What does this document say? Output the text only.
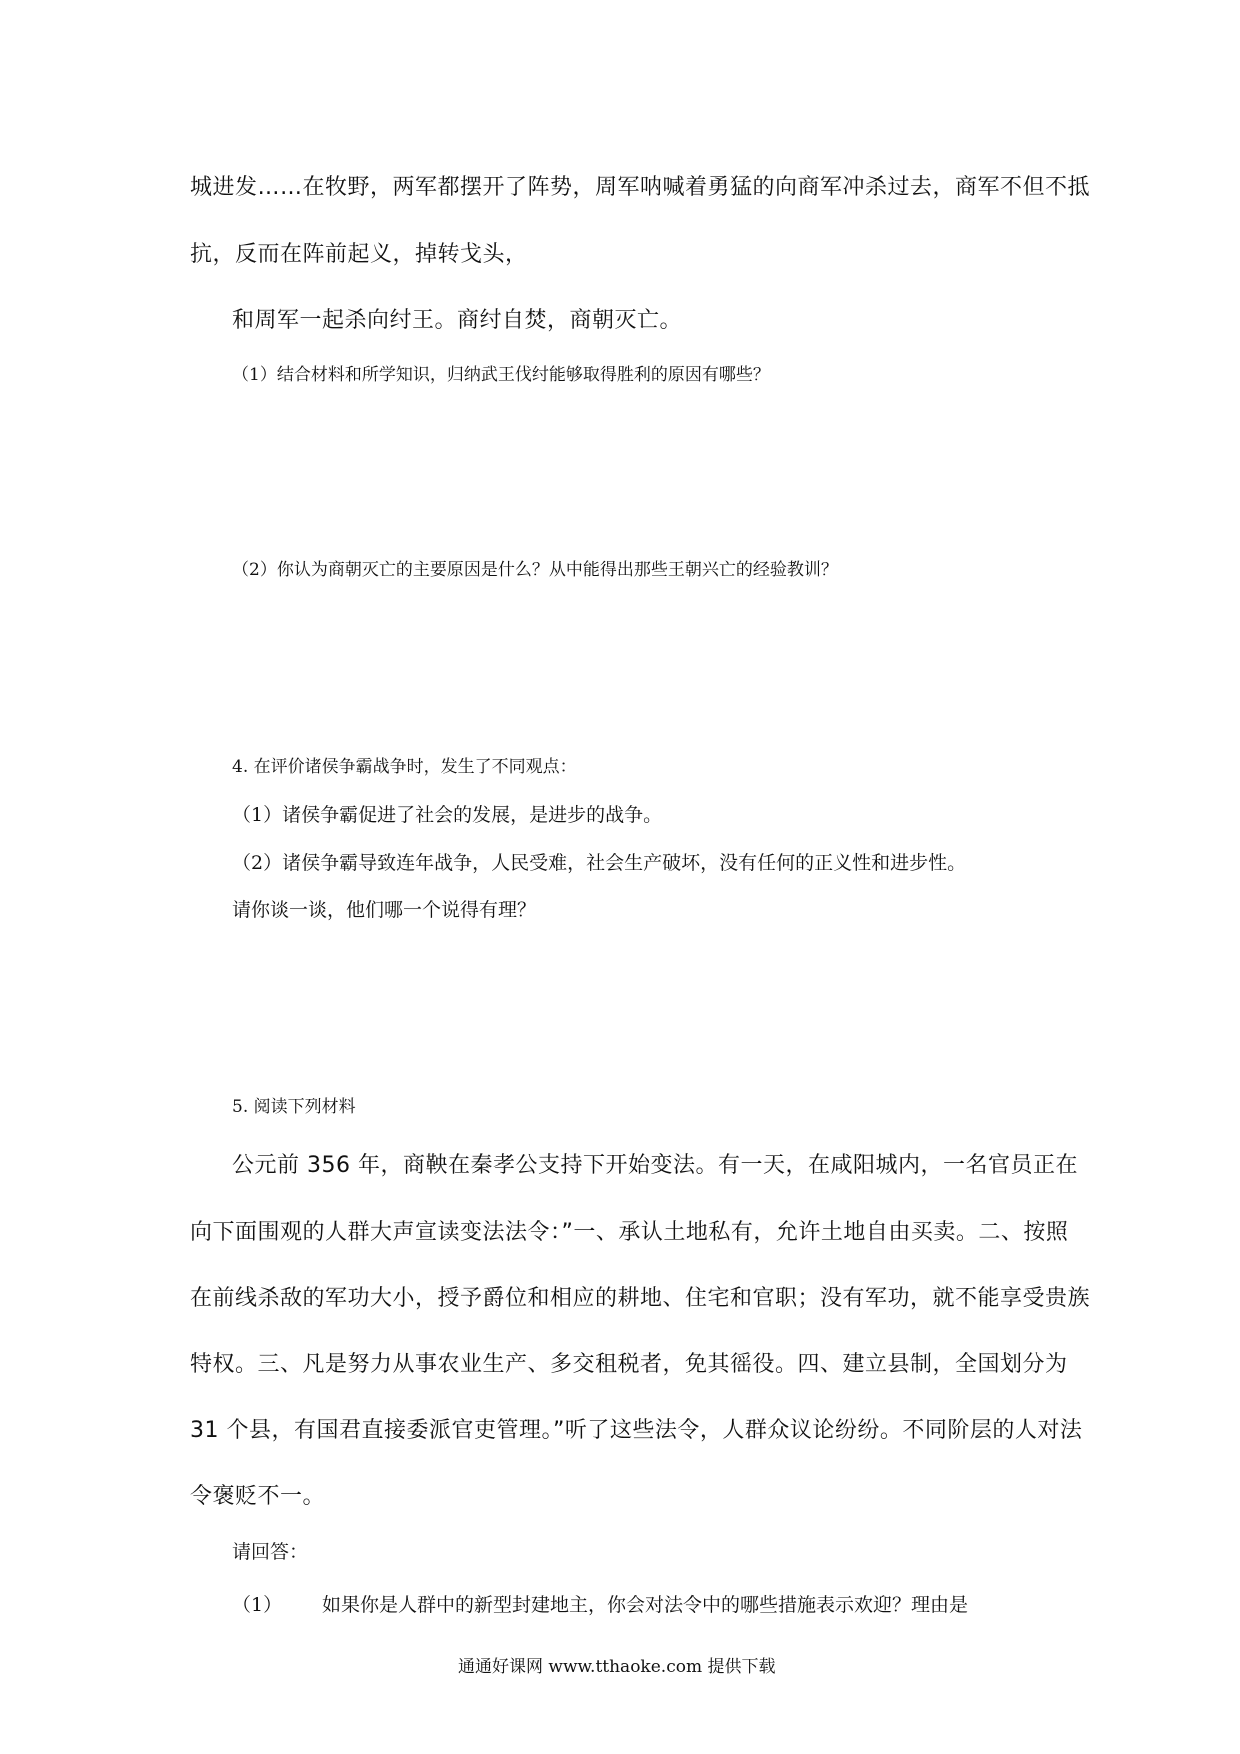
城进发……在牧野，两军都摆开了阵势，周军呐喊着勇猛的向商军冲杀过去，商军不但不抵
抗，反而在阵前起义，掉转戈头，
和周军一起杀向纣王。商纣自焚，商朝灭亡。
（1）结合材料和所学知识，归纳武王伐纣能够取得胜利的原因有哪些？
（2）你认为商朝灭亡的主要原因是什么？从中能得出那些王朝兴亡的经验教训？
4. 在评价诸侯争霸战争时，发生了不同观点：
（1）诸侯争霸促进了社会的发展，是进步的战争。
（2）诸侯争霸导致连年战争，人民受难，社会生产破坏，没有任何的正义性和进步性。
请你谈一谈，他们哪一个说得有理？
5. 阅读下列材料
公元前 356 年，商鞅在秦孝公支持下开始变法。有一天，在咸阳城内，一名官员正在
向下面围观的人群大声宣读变法法令：”一、承认土地私有，允许土地自由买卖。二、按照
在前线杀敌的军功大小，授予爵位和相应的耕地、住宅和官职；没有军功，就不能享受贵族
特权。三、凡是努力从事农业生产、多交租税者，免其徭役。四、建立县制，全国划分为
31 个县，有国君直接委派官吏管理。”听了这些法令，人群众议论纷纷。不同阶层的人对法
令褒贬不一。
请回答：
（1） 如果你是人群中的新型封建地主，你会对法令中的哪些措施表示欢迎？理由是
通通好课网 www.tthaoke.com 提供下载
